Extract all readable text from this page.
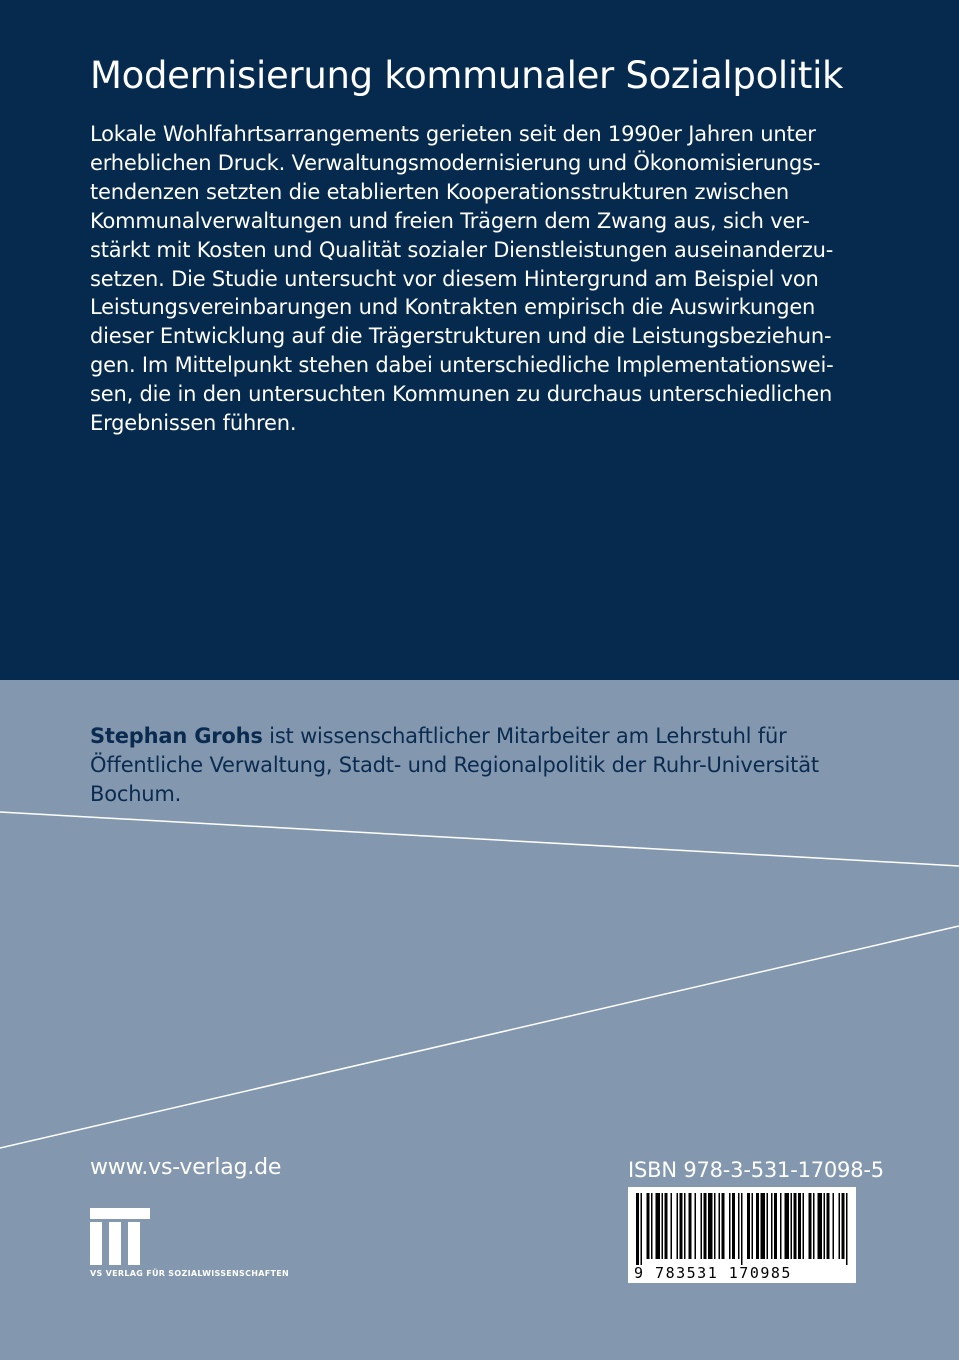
Modernisierung kommunaler Sozialpolitik
Lokale Wohlfahrtsarrangements gerieten seit den 1990er Jahren unter
erheblichen Druck. Verwaltungsmodernisierung und Ökonomisierungs-
tendenzen setzten die etablierten Kooperationsstrukturen zwischen
Kommunalverwaltungen und freien Trägern dem Zwang aus, sich ver-
stärkt mit Kosten und Qualität sozialer Dienstleistungen auseinanderzu-
setzen. Die Studie untersucht vor diesem Hintergrund am Beispiel von
Leistungsvereinbarungen und Kontrakten empirisch die Auswirkungen
dieser Entwicklung auf die Trägerstrukturen und die Leistungsbeziehun-
gen. Im Mittelpunkt stehen dabei unterschiedliche Implementationswei-
sen, die in den untersuchten Kommunen zu durchaus unterschiedlichen
Ergebnissen führen.
Stephan Grohs ist wissenschaftlicher Mitarbeiter am Lehrstuhl für
Öffentliche Verwaltung, Stadt- und Regionalpolitik der Ruhr-Universität
Bochum.
www.vs-verlag.de
VS VERLAG FÜR SOZIALWISSENSCHAFTEN
ISBN 978-3-531-17098-5
9 783531 170985
